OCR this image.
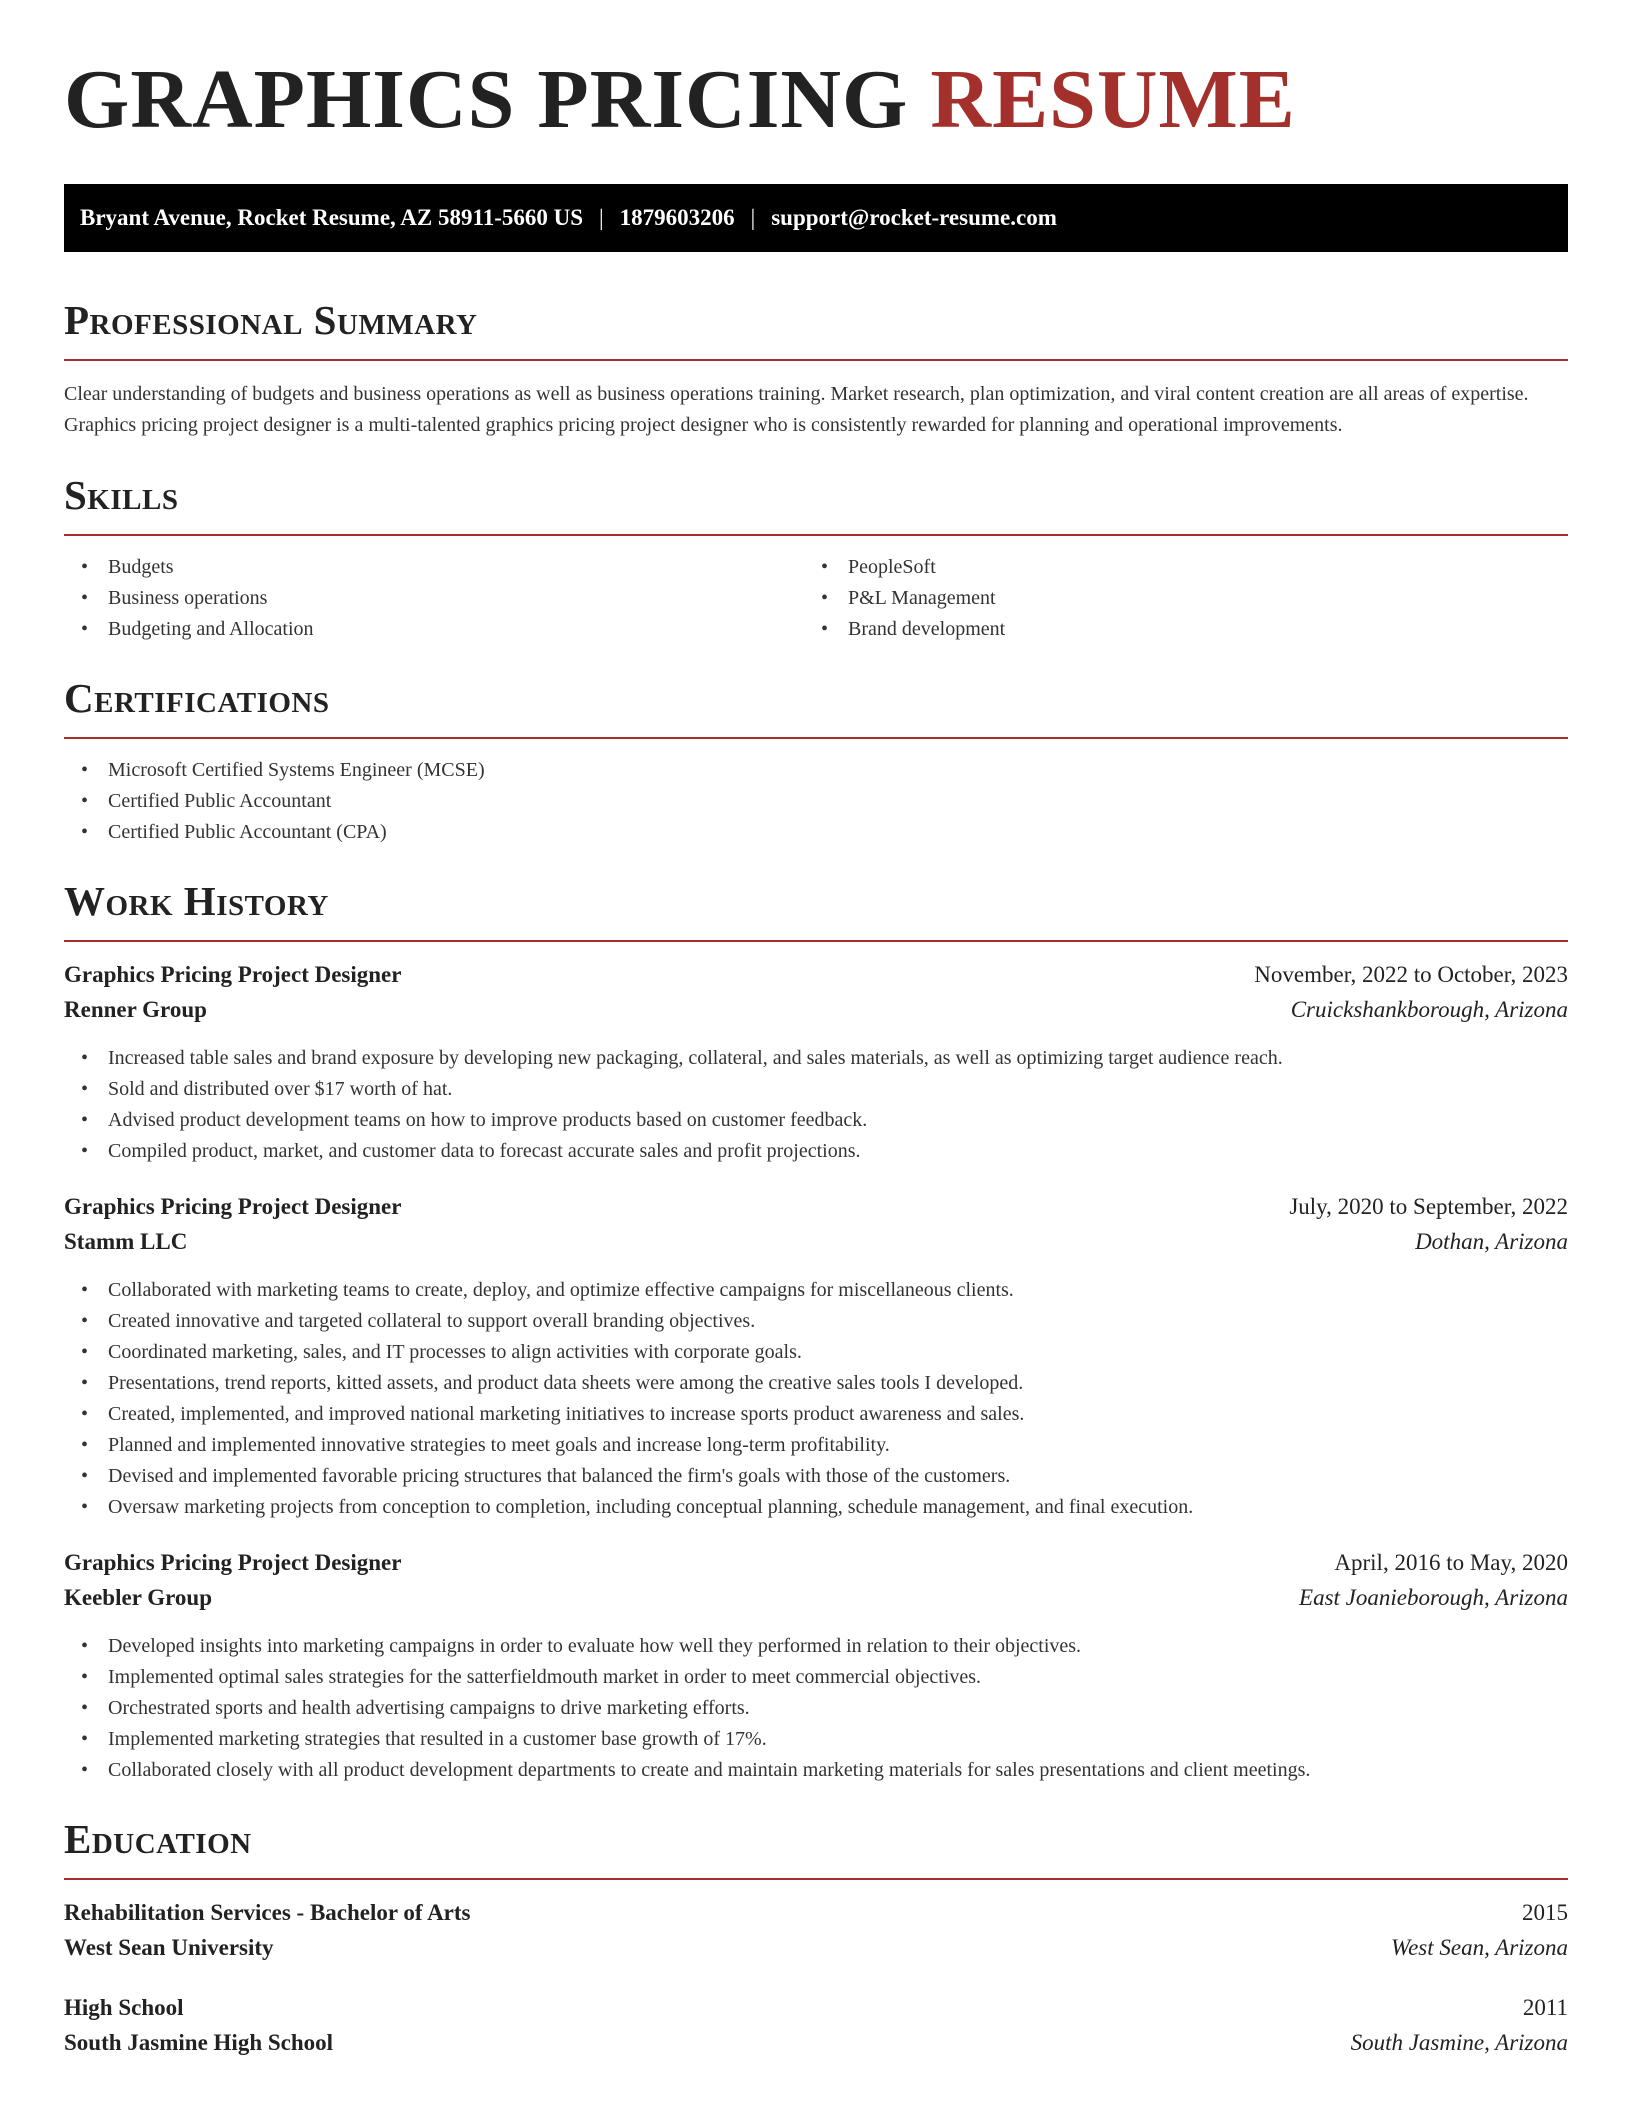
GRAPHICS PRICING RESUME
Bryant Avenue, Rocket Resume, AZ 58911-5660 US | 1879603206 | support@rocket-resume.com
Professional Summary

Clear understanding of budgets and business operations as well as business operations training. Market research, plan optimization, and viral content creation are all areas of expertise. Graphics pricing project designer is a multi-talented graphics pricing project designer who is consistently rewarded for planning and operational improvements.

Skills
• Budgets
• Business operations
• Budgeting and Allocation
• PeopleSoft
• P&L Management
• Brand development
Certifications
• Microsoft Certified Systems Engineer (MCSE)
• Certified Public Accountant
• Certified Public Accountant (CPA)
Work History
Graphics Pricing Project Designer	November, 2022 to October, 2023
Renner Group	Cruickshankborough, Arizona
• Increased table sales and brand exposure by developing new packaging, collateral, and sales materials, as well as optimizing target audience reach.
• Sold and distributed over $17 worth of hat.
• Advised product development teams on how to improve products based on customer feedback.
• Compiled product, market, and customer data to forecast accurate sales and profit projections.
Graphics Pricing Project Designer	July, 2020 to September, 2022
Stamm LLC	Dothan, Arizona
• Collaborated with marketing teams to create, deploy, and optimize effective campaigns for miscellaneous clients.
• Created innovative and targeted collateral to support overall branding objectives.
• Coordinated marketing, sales, and IT processes to align activities with corporate goals.
• Presentations, trend reports, kitted assets, and product data sheets were among the creative sales tools I developed.
• Created, implemented, and improved national marketing initiatives to increase sports product awareness and sales.
• Planned and implemented innovative strategies to meet goals and increase long-term profitability.
• Devised and implemented favorable pricing structures that balanced the firm's goals with those of the customers.
• Oversaw marketing projects from conception to completion, including conceptual planning, schedule management, and final execution.
Graphics Pricing Project Designer	April, 2016 to May, 2020
Keebler Group	East Joanieborough, Arizona
• Developed insights into marketing campaigns in order to evaluate how well they performed in relation to their objectives.
• Implemented optimal sales strategies for the satterfieldmouth market in order to meet commercial objectives.
• Orchestrated sports and health advertising campaigns to drive marketing efforts.
• Implemented marketing strategies that resulted in a customer base growth of 17%.
• Collaborated closely with all product development departments to create and maintain marketing materials for sales presentations and client meetings.
Education
Rehabilitation Services - Bachelor of Arts	2015
West Sean University	West Sean, Arizona
High School	2011
South Jasmine High School	South Jasmine, Arizona
